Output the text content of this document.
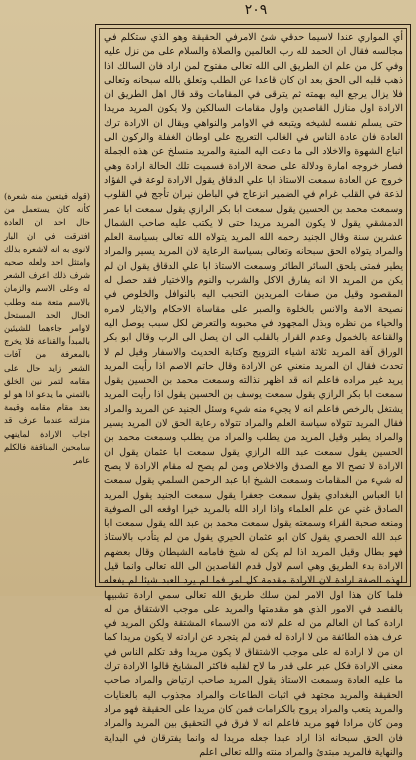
٢٠٩

أي المواري عندا لاسيما حدقي شئ الامرفي الحقيقة وهو الذي ستكلم في مجالسه فقال ان الحمد لله رب العالمين والصلاة والسلام على من نزل عليه وفي كل من علم ان الطريق الى الله تعالى مفتوح لمن اراد فان السالك اذا ذهب قلبه الى الحق بعد ان كان قاعدا عن الطلب وتعلق بالله سبحانه وتعالى فلا يزال يرجع اليه بهمته ثم يترقى في المقامات وقد قال اهل الطريق ان الارادة اول منازل القاصدين واول مقامات السالكين ولا يكون المريد مريدا حتى يسلم نفسه لشيخه ويتبعه في الاوامر والنواهي ويقال ان الارادة ترك العادة فان عادة الناس في الغالب التعريج على اوطان الغفلة والركون الى اتباع الشهوة والاخلاد الى ما دعت اليه المنية والمريد منسلخ عن هذه الجملة فصار خروجه امارة ودلالة على صحة الارادة فسميت تلك الحالة ارادة وهي خروج عن العادة سمعت الاستاذ ابا علي الدقاق يقول الارادة لوعة في الفؤاد لذعة في القلب غرام في الضمير انزعاج في الباطن نيران تأجج في القلوب وسمعت محمد بن الحسين يقول سمعت ابا بكر الرازي يقول سمعت ابا عمر الدمشقي يقول لا يكون المريد مريدا حتى لا يكتب عليه صاحب الشمال عشرين سنة وقال الجنيد رحمه الله المريد يتولاه الله تعالى بسياسة العلم والمراد يتولاه الحق سبحانه وتعالى بسياسة الرعاية لان المريد يسير والمراد يطير فمتى يلحق السائر الطائر وسمعت الاستاذ ابا علي الدقاق يقول ان لم يكن من المريد الا انه يفارق الاكل والشرب والنوم والاختيار فقد حصل له المقصود وقيل من صفات المريدين التحبب اليه بالنوافل والخلوص في نصيحة الامة والانس بالخلوة والصبر على مقاساة الاحكام والايثار لامره والحياء من نظره وبذل المجهود في محبوبه والتعرض لكل سبب يوصل اليه والقناعة بالخمول وعدم القرار بالقلب الى ان يصل الى الرب وقال ابو بكر الوراق آفة المريد ثلاثة اشياء التزويج وكتابة الحديث والاسفار وقيل لم لا تحدث فقال ان المريد منعني عن الارادة وقال حاتم الاصم اذا رأيت المريد يريد غير مراده فاعلم انه قد اظهر نذالته وسمعت محمد بن الحسين يقول سمعت ابا بكر الرازي يقول سمعت يوسف بن الحسين يقول اذا رأيت المريد يشتغل بالرخص فاعلم انه لا يجيء منه شيء وسئل الجنيد عن المريد والمراد فقال المريد تتولاه سياسة العلم والمراد تتولاه رعاية الحق لان المريد يسير والمراد يطير وقيل المريد من يطلب والمراد من يطلب وسمعت محمد بن الحسين يقول سمعت عبد الله الرازي يقول سمعت ابا عثمان يقول ان الارادة لا تصح الا مع الصدق والاخلاص ومن لم يصح له مقام الارادة لا يصح له شيء من المقامات وسمعت الشيخ ابا عبد الرحمن السلمي يقول سمعت ابا العباس البغدادي يقول سمعت جعفرا يقول سمعت الجنيد يقول المريد الصادق غني عن علم العلماء واذا اراد الله بالمريد خيرا اوقعه الى الصوفية ومنعه صحبة القراء وسمعته يقول سمعت محمد بن عبد الله يقول سمعت ابا عبد الله الحصري يقول كان ابو عثمان الحيري يقول من لم يتأدب بالاستاذ فهو بطال وقيل المريد اذا لم يكن له شيخ فامامه الشيطان وقال بعضهم الارادة بدء الطريق وهي اسم لاول قدم القاصدين الى الله تعالى وانما قيل لهذه الصفة ارادة لان الارادة مقدمة كل امر فما لم يرد العبد شيئا لم يفعله فلما كان هذا اول الامر لمن سلك طريق الله تعالى سمي ارادة تشبيها بالقصد في الامور الذي هو مقدمتها والمريد على موجب الاشتقاق من له ارادة كما ان العالم من له علم لانه من الاسماء المشتقة ولكن المريد في عرف هذه الطائفة من لا ارادة له فمن لم يتجرد عن ارادته لا يكون مريدا كما ان من لا ارادة له على موجب الاشتقاق لا يكون مريدا وقد تكلم الناس في معنى الارادة فكل عبر على قدر ما لاح لقلبه فاكثر المشايخ قالوا الارادة ترك ما عليه العادة وسمعت الاستاذ يقول المريد صاحب ارتياض والمراد صاحب الحقيقة والمريد مجتهد في اثبات الطاعات والمراد مجذوب اليه بالعنايات والمريد يتعب والمراد يروح بالكرامات فمن كان مريدا على الحقيقة فهو مراد ومن كان مرادا فهو مريد فاعلم انه لا فرق في التحقيق بين المريد والمراد فان الحق سبحانه اذا اراد عبدا جعله مريدا له وانما يفترقان في البداية والنهاية فالمريد مبتدئ والمراد منته والله تعالى اعلم

(قوله فيتعين منه شعرة) كأنه كان يستعمل من حال احد ان العادة افترقت في ان البار لانوى به انه لاشعره بذلك وامتثل احد ولعله صحبه شرف ذلك اعرف الشعر له وعلى الاسم والزمان بالاسم متعة منه وطلب الحال الحد المستحل لاوامر جاءهما للشيئين بالمبدأ والقناعة فلا يخرج بالمعرفة من آفات الشعر زايد حال على مقامه لتمر نين الخلق بالتمني ما يدعو اذا هو لو بعد مقام مقامه وقيمة منزلته عندما عرف قد اجاب الارادة لماينهي سامحين المناقفة فالكلم عامر
